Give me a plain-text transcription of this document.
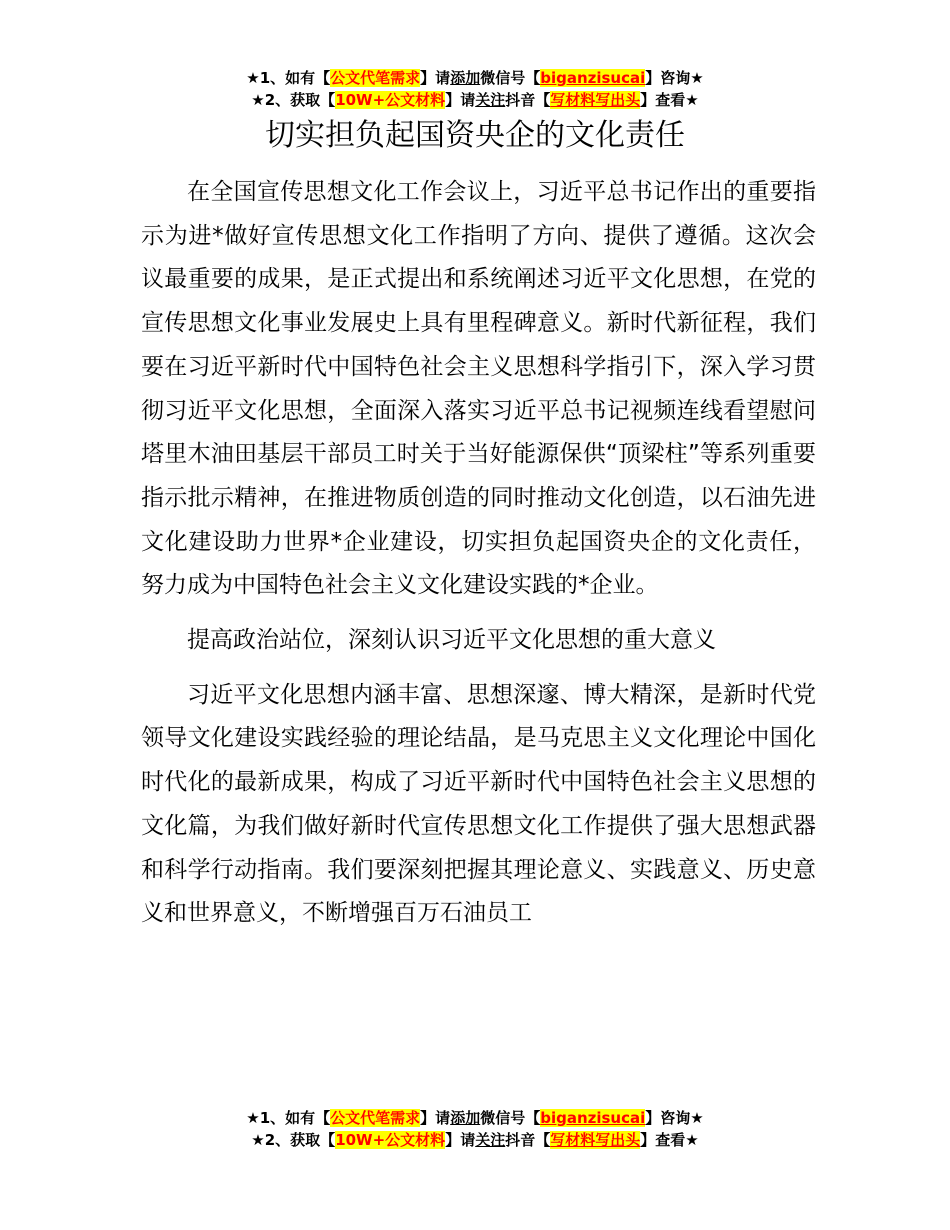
★1、如有【公文代笔需求】请添加微信号【biganzisucai】咨询★
★2、获取【10W+公文材料】请关注抖音【写材料写出头】查看★
切实担负起国资央企的文化责任

在全国宣传思想文化工作会议上，习近平总书记作出的重要指示为进*做好宣传思想文化工作指明了方向、提供了遵循。这次会议最重要的成果，是正式提出和系统阐述习近平文化思想，在党的宣传思想文化事业发展史上具有里程碑意义。新时代新征程，我们要在习近平新时代中国特色社会主义思想科学指引下，深入学习贯彻习近平文化思想，全面深入落实习近平总书记视频连线看望慰问塔里木油田基层干部员工时关于当好能源保供“顶梁柱”等系列重要指示批示精神，在推进物质创造的同时推动文化创造，以石油先进文化建设助力世界*企业建设，切实担负起国资央企的文化责任，努力成为中国特色社会主义文化建设实践的*企业。

提高政治站位，深刻认识习近平文化思想的重大意义

习近平文化思想内涵丰富、思想深邃、博大精深，是新时代党领导文化建设实践经验的理论结晶，是马克思主义文化理论中国化时代化的最新成果，构成了习近平新时代中国特色社会主义思想的文化篇，为我们做好新时代宣传思想文化工作提供了强大思想武器和科学行动指南。我们要深刻把握其理论意义、实践意义、历史意义和世界意义，不断增强百万石油员工

★1、如有【公文代笔需求】请添加微信号【biganzisucai】咨询★
★2、获取【10W+公文材料】请关注抖音【写材料写出头】查看★
